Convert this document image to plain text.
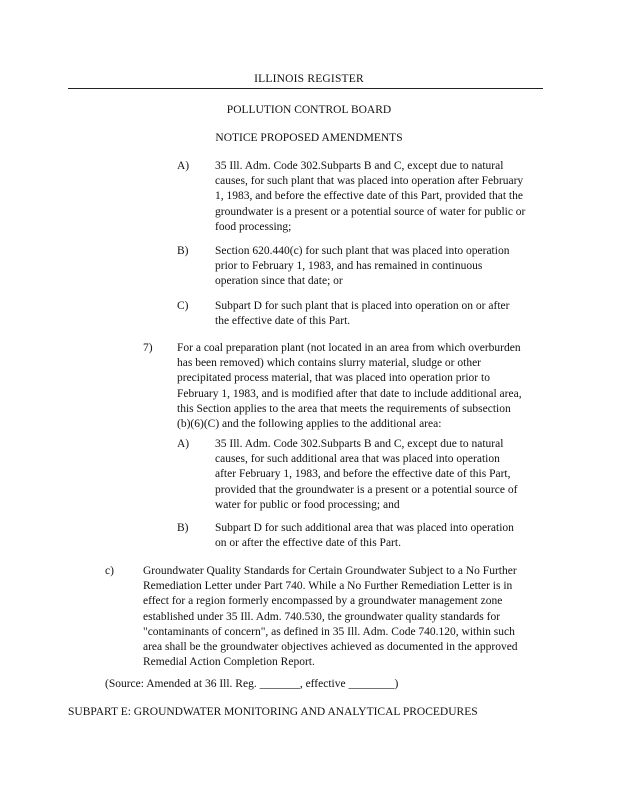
ILLINOIS REGISTER
POLLUTION CONTROL BOARD
NOTICE PROPOSED AMENDMENTS
A) 35 Ill. Adm. Code 302.Subparts B and C, except due to natural
causes, for such plant that was placed into operation after February
1, 1983, and before the effective date of this Part, provided that the
groundwater is a present or a potential source of water for public or
food processing;
B) Section 620.440(c) for such plant that was placed into operation
prior to February 1, 1983, and has remained in continuous
operation since that date; or
C) Subpart D for such plant that is placed into operation on or after
the effective date of this Part.
7) For a coal preparation plant (not located in an area from which overburden
has been removed) which contains slurry material, sludge or other
precipitated process material, that was placed into operation prior to
February 1, 1983, and is modified after that date to include additional area,
this Section applies to the area that meets the requirements of subsection
(b)(6)(C) and the following applies to the additional area:
A) 35 Ill. Adm. Code 302.Subparts B and C, except due to natural
causes, for such additional area that was placed into operation
after February 1, 1983, and before the effective date of this Part,
provided that the groundwater is a present or a potential source of
water for public or food processing; and
B) Subpart D for such additional area that was placed into operation
on or after the effective date of this Part.
c)	Groundwater Quality Standards for Certain Groundwater Subject to a No Further
Remediation Letter under Part 740. While a No Further Remediation Letter is in
effect for a region formerly encompassed by a groundwater management zone
established under 35 Ill. Adm. 740.530, the groundwater quality standards for
"contaminants of concern", as defined in 35 Ill. Adm. Code 740.120, within such
area shall be the groundwater objectives achieved as documented in the approved
Remedial Action Completion Report.
(Source: Amended at 36 Ill. Reg. _______, effective ________)
SUBPART E: GROUNDWATER MONITORING AND ANALYTICAL PROCEDURES
